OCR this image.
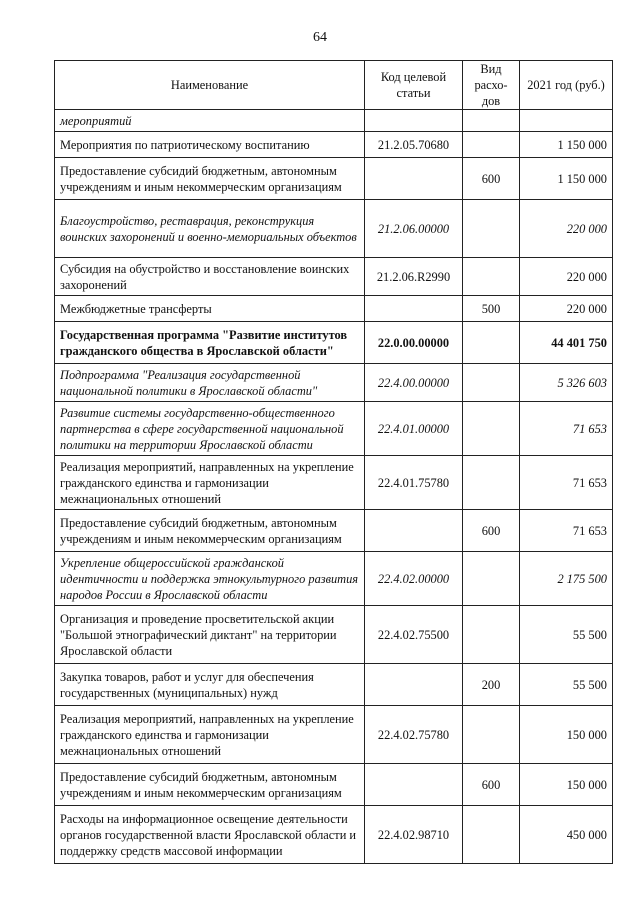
64
Наименование	Код целевой статьи	Вид расхо-дов	2021 год (руб.)
мероприятий			
Мероприятия по патриотическому воспитанию	21.2.05.70680		1 150 000
Предоставление субсидий бюджетным, автономным учреждениям и иным некоммерческим организациям		600	1 150 000
Благоустройство, реставрация, реконструкция воинских захоронений и военно-мемориальных объектов	21.2.06.00000		220 000
Субсидия на обустройство и восстановление воинских захоронений	21.2.06.R2990		220 000
Межбюджетные трансферты		500	220 000
Государственная программа "Развитие институтов гражданского общества в Ярославской области"	22.0.00.00000		44 401 750
Подпрограмма "Реализация государственной национальной политики в Ярославской области"	22.4.00.00000		5 326 603
Развитие системы государственно-общественного партнерства в сфере государственной национальной политики на территории Ярославской области	22.4.01.00000		71 653
Реализация мероприятий, направленных на укрепление гражданского единства и гармонизации межнациональных отношений	22.4.01.75780		71 653
Предоставление субсидий бюджетным, автономным учреждениям и иным некоммерческим организациям		600	71 653
Укрепление общероссийской гражданской идентичности и поддержка этнокультурного развития народов России в Ярославской области	22.4.02.00000		2 175 500
Организация и проведение просветительской акции "Большой этнографический диктант" на территории Ярославской области	22.4.02.75500		55 500
Закупка товаров, работ и услуг для обеспечения государственных (муниципальных) нужд		200	55 500
Реализация мероприятий, направленных на укрепление гражданского единства и гармонизации межнациональных отношений	22.4.02.75780		150 000
Предоставление субсидий бюджетным, автономным учреждениям и иным некоммерческим организациям		600	150 000
Расходы на информационное освещение деятельности органов государственной власти Ярославской области и поддержку средств массовой информации	22.4.02.98710		450 000
